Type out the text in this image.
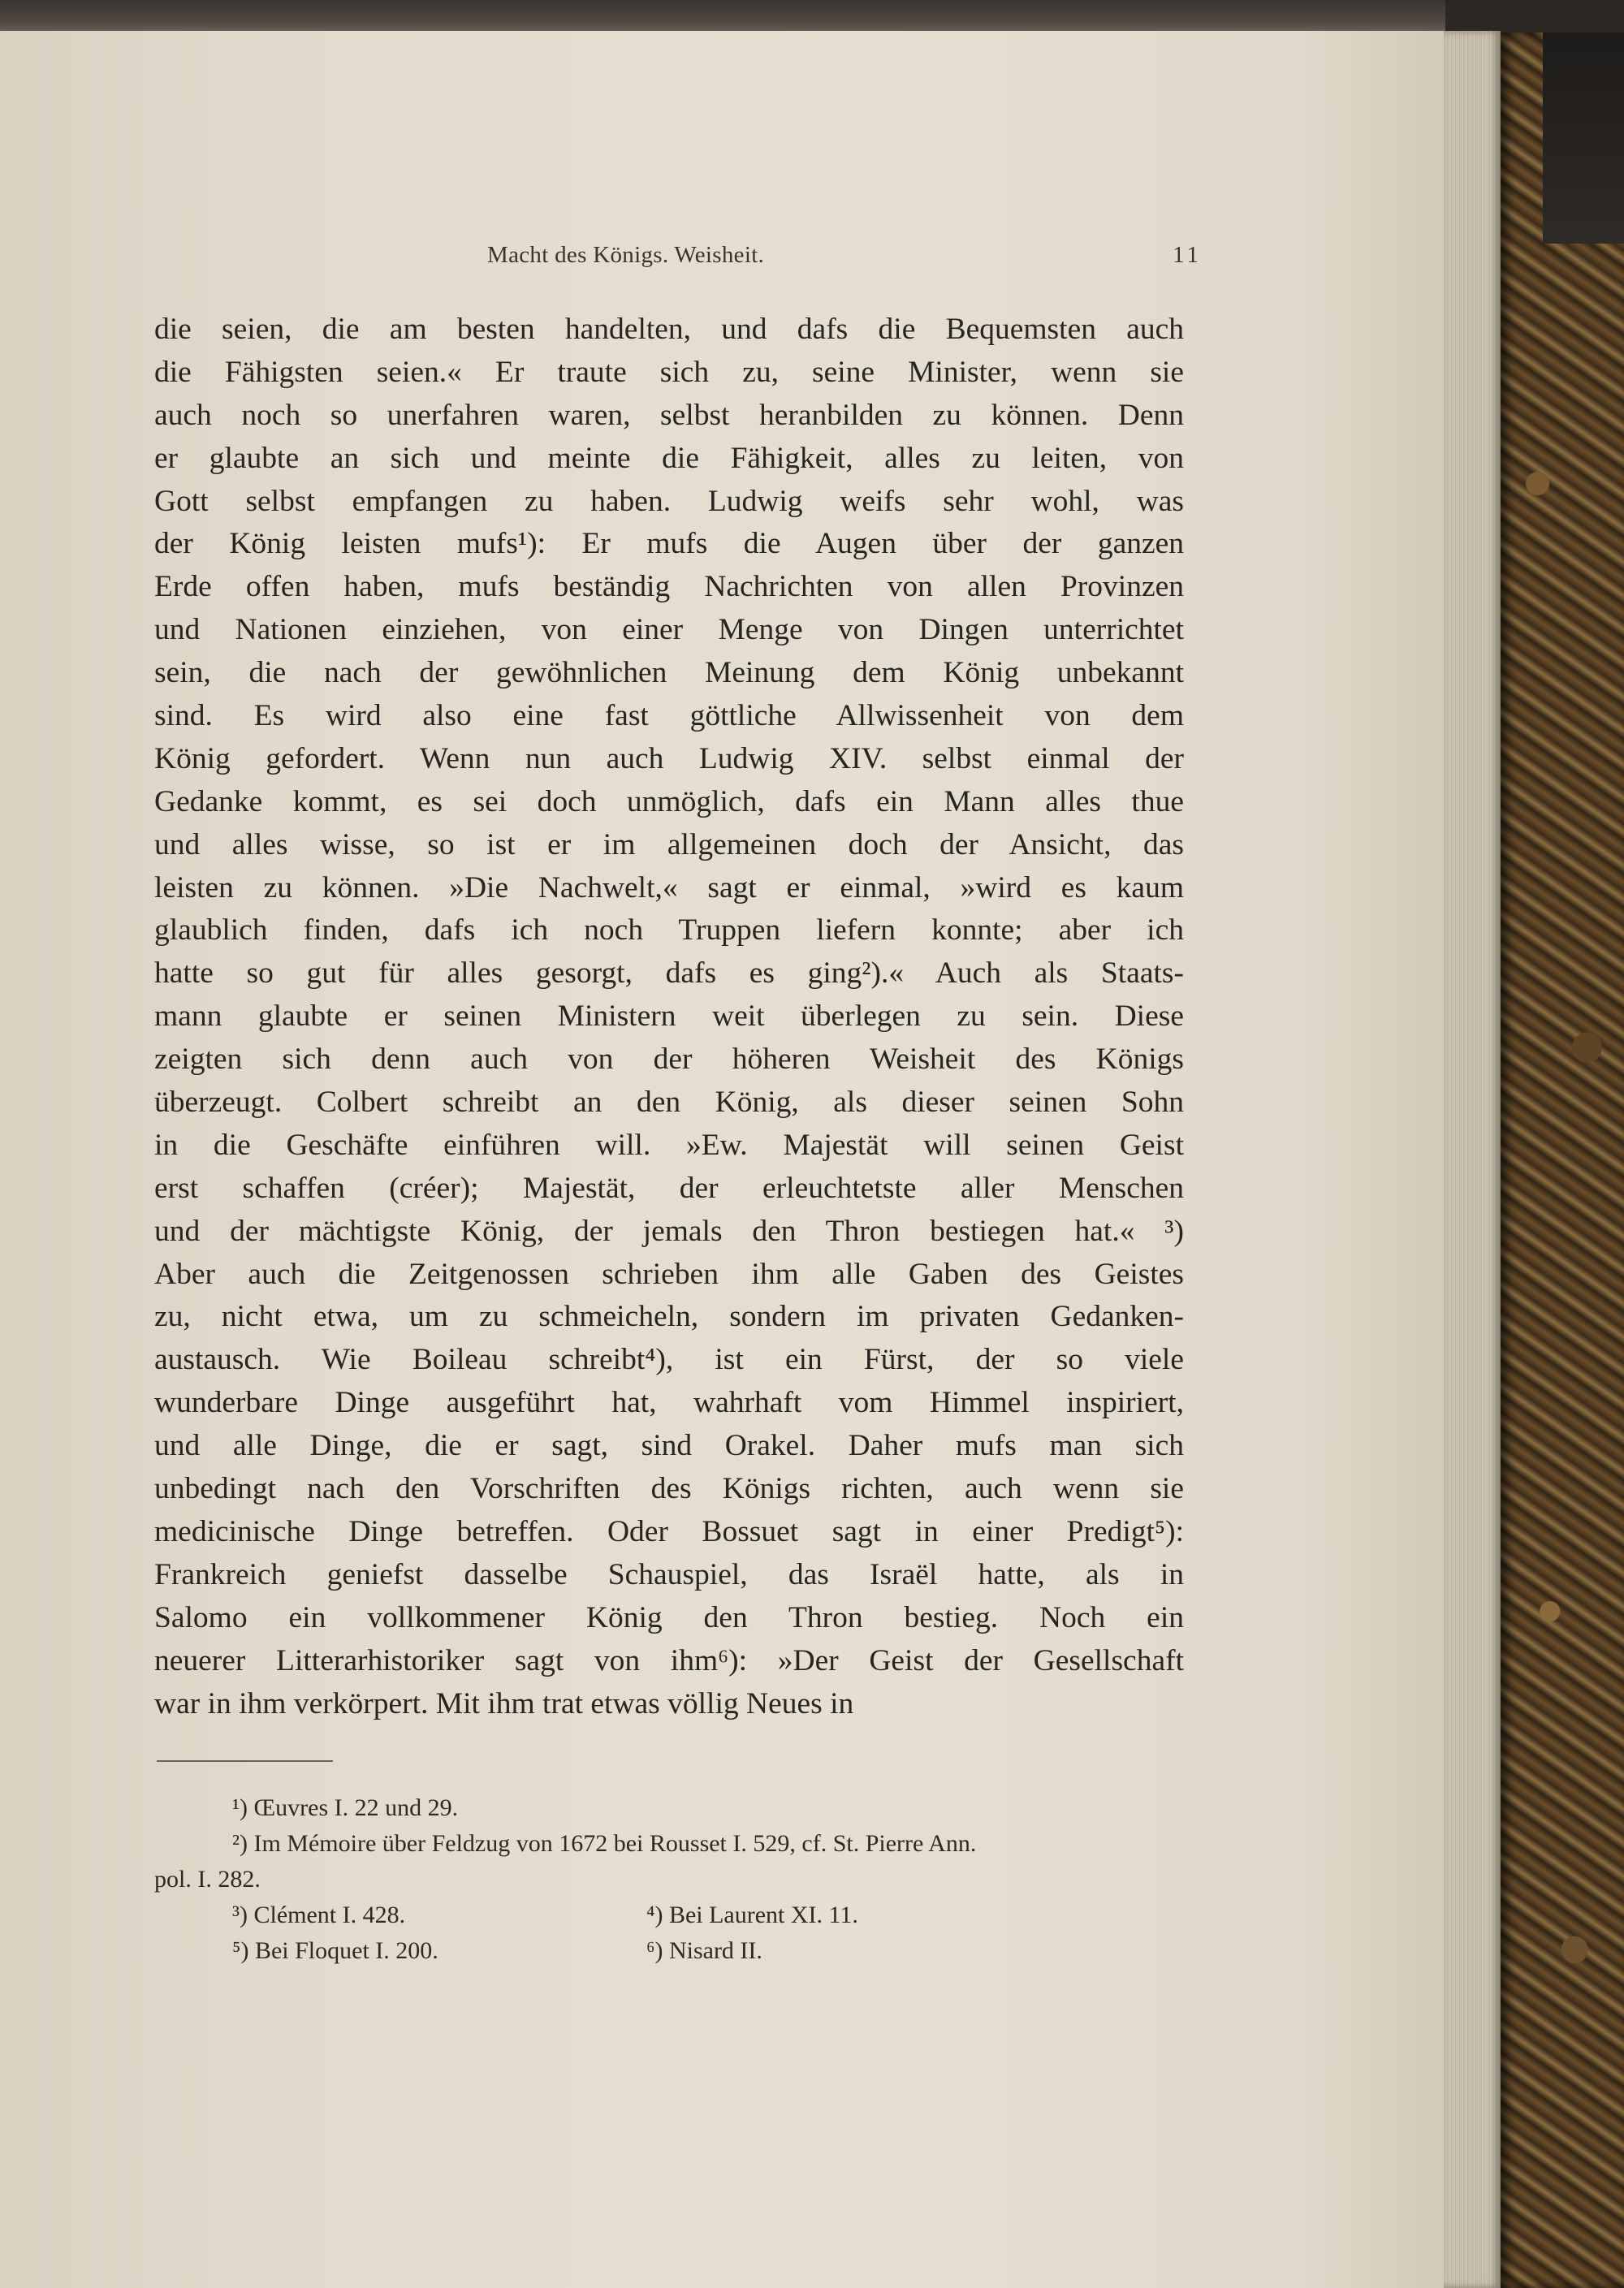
Macht des Königs. Weisheit.	11
die seien, die am besten handelten, und dafs die Bequemsten auch
die Fähigsten seien.« Er traute sich zu, seine Minister, wenn sie
auch noch so unerfahren waren, selbst heranbilden zu können. Denn
er glaubte an sich und meinte die Fähigkeit, alles zu leiten, von
Gott selbst empfangen zu haben. Ludwig weifs sehr wohl, was
der König leisten mufs¹): Er mufs die Augen über der ganzen
Erde offen haben, mufs beständig Nachrichten von allen Provinzen
und Nationen einziehen, von einer Menge von Dingen unterrichtet
sein, die nach der gewöhnlichen Meinung dem König unbekannt
sind. Es wird also eine fast göttliche Allwissenheit von dem
König gefordert. Wenn nun auch Ludwig XIV. selbst einmal der
Gedanke kommt, es sei doch unmöglich, dafs ein Mann alles thue
und alles wisse, so ist er im allgemeinen doch der Ansicht, das
leisten zu können. »Die Nachwelt,« sagt er einmal, »wird es kaum
glaublich finden, dafs ich noch Truppen liefern konnte; aber ich
hatte so gut für alles gesorgt, dafs es ging²).« Auch als Staats-
mann glaubte er seinen Ministern weit überlegen zu sein. Diese
zeigten sich denn auch von der höheren Weisheit des Königs
überzeugt. Colbert schreibt an den König, als dieser seinen Sohn
in die Geschäfte einführen will. »Ew. Majestät will seinen Geist
erst schaffen (créer); Majestät, der erleuchtetste aller Menschen
und der mächtigste König, der jemals den Thron bestiegen hat.« ³)
Aber auch die Zeitgenossen schrieben ihm alle Gaben des Geistes
zu, nicht etwa, um zu schmeicheln, sondern im privaten Gedanken-
austausch. Wie Boileau schreibt⁴), ist ein Fürst, der so viele
wunderbare Dinge ausgeführt hat, wahrhaft vom Himmel inspiriert,
und alle Dinge, die er sagt, sind Orakel. Daher mufs man sich
unbedingt nach den Vorschriften des Königs richten, auch wenn sie
medicinische Dinge betreffen. Oder Bossuet sagt in einer Predigt⁵):
Frankreich geniefst dasselbe Schauspiel, das Israël hatte, als in
Salomo ein vollkommener König den Thron bestieg. Noch ein
neuerer Litterarhistoriker sagt von ihm⁶): »Der Geist der Gesellschaft
war in ihm verkörpert. Mit ihm trat etwas völlig Neues in
¹) Œuvres I. 22 und 29.
²) Im Mémoire über Feldzug von 1672 bei Rousset I. 529, cf. St. Pierre Ann.
pol. I. 282.
³) Clément I. 428.	⁴) Bei Laurent XI. 11.
⁵) Bei Floquet I. 200.	⁶) Nisard II.
